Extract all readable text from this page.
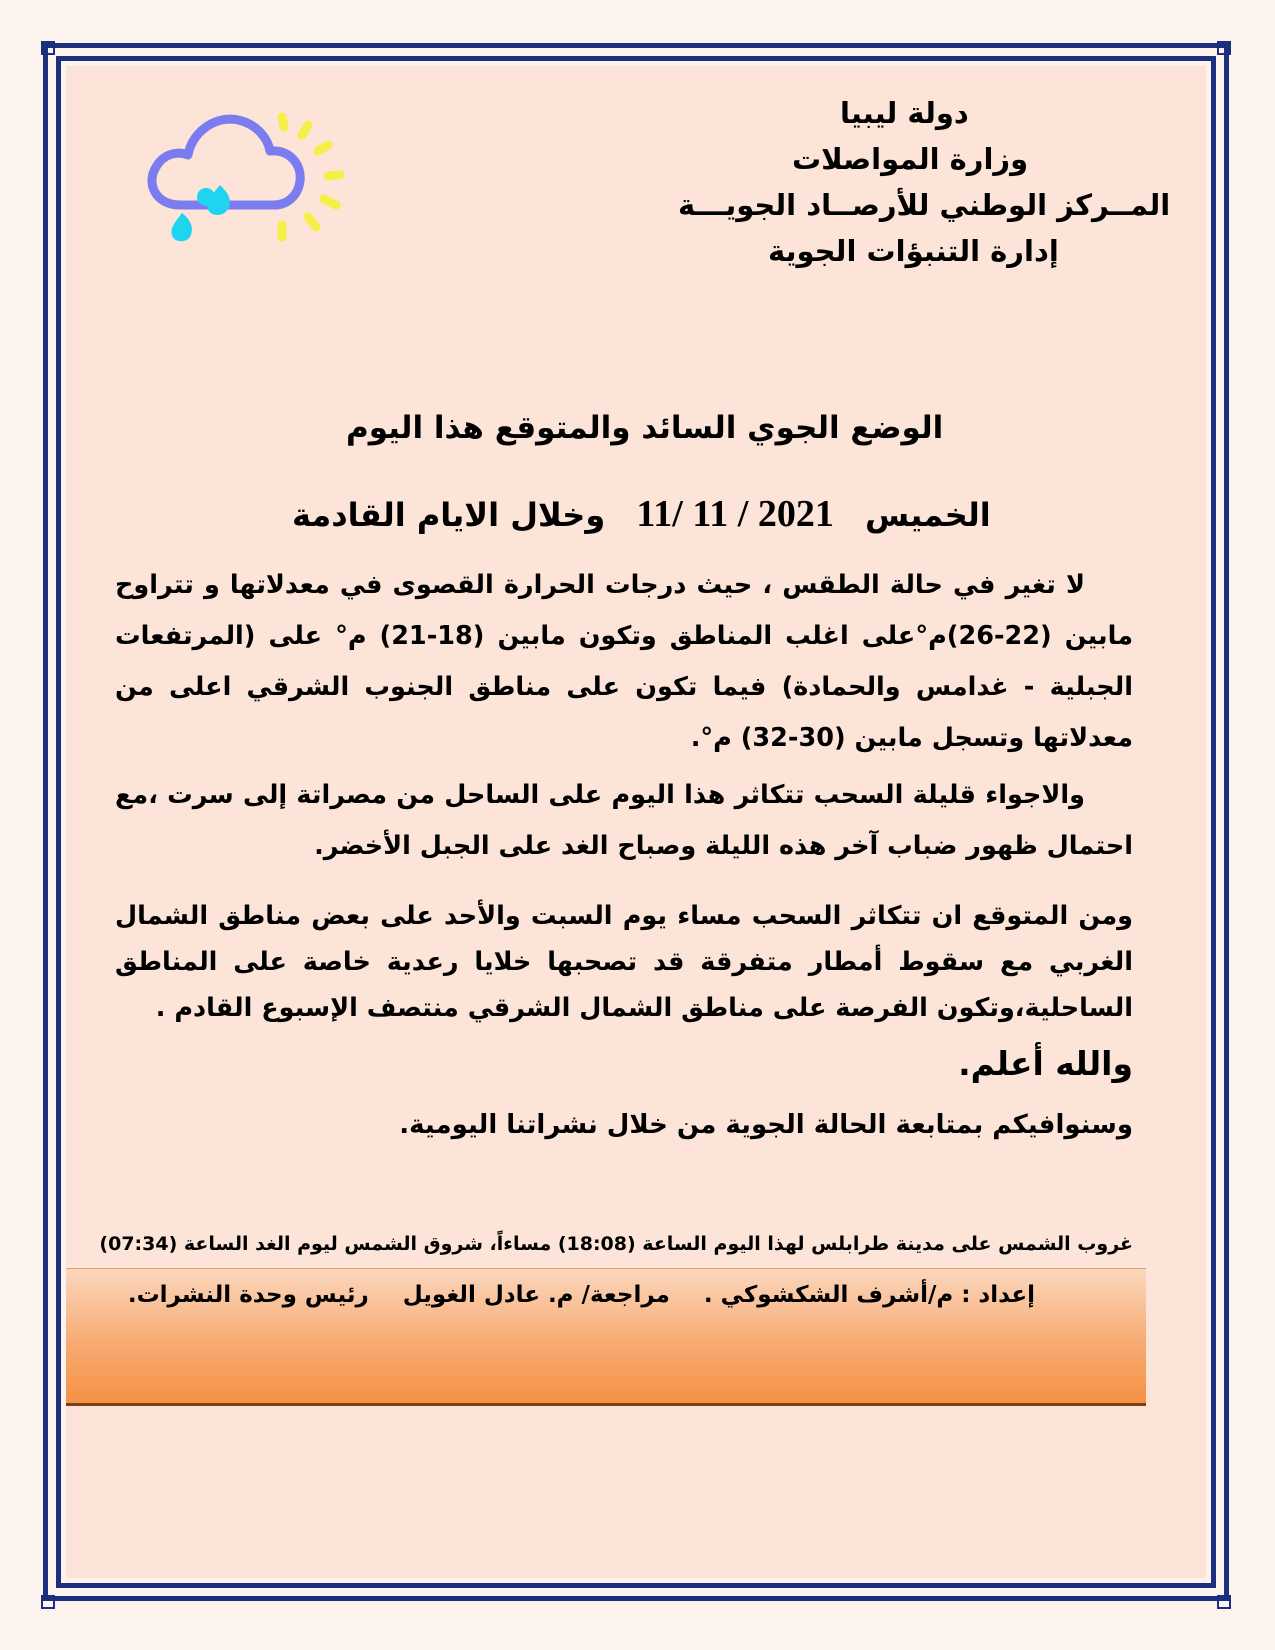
دولة ليبيا
وزارة المواصلات
المــركز الوطني للأرصــاد الجويـــة
إدارة التنبؤات الجوية
الوضع الجوي السائد والمتوقع هذا اليوم
الخميس 11/ 11 / 2021 وخلال الايام القادمة

لا تغير في حالة الطقس ، حيث درجات الحرارة القصوى في معدلاتها و تتراوح مابين (22-26)م°على اغلب المناطق وتكون مابين (18-21) م° على (المرتفعات الجبلية - غدامس والحمادة) فيما تكون على مناطق الجنوب الشرقي اعلى من معدلاتها وتسجل مابين (30-32) م°.

والاجواء قليلة السحب تتكاثر هذا اليوم على الساحل من مصراتة إلى سرت ،مع احتمال ظهور ضباب آخر هذه الليلة وصباح الغد على الجبل الأخضر.

ومن المتوقع ان تتكاثر السحب مساء يوم السبت والأحد على بعض مناطق الشمال الغربي مع سقوط أمطار متفرقة قد تصحبها خلايا رعدية خاصة على المناطق الساحلية،وتكون الفرصة على مناطق الشمال الشرقي منتصف الإسبوع القادم .

والله أعلم.

وسنوافيكم بمتابعة الحالة الجوية من خلال نشراتنا اليومية.

غروب الشمس على مدينة طرابلس لهذا اليوم الساعة (18:08) مساءاً، شروق الشمس ليوم الغد الساعة (07:34)

إعداد : م/أشرف الشكشوكي . مراجعة/ م. عادل الغويل رئيس وحدة النشرات.
